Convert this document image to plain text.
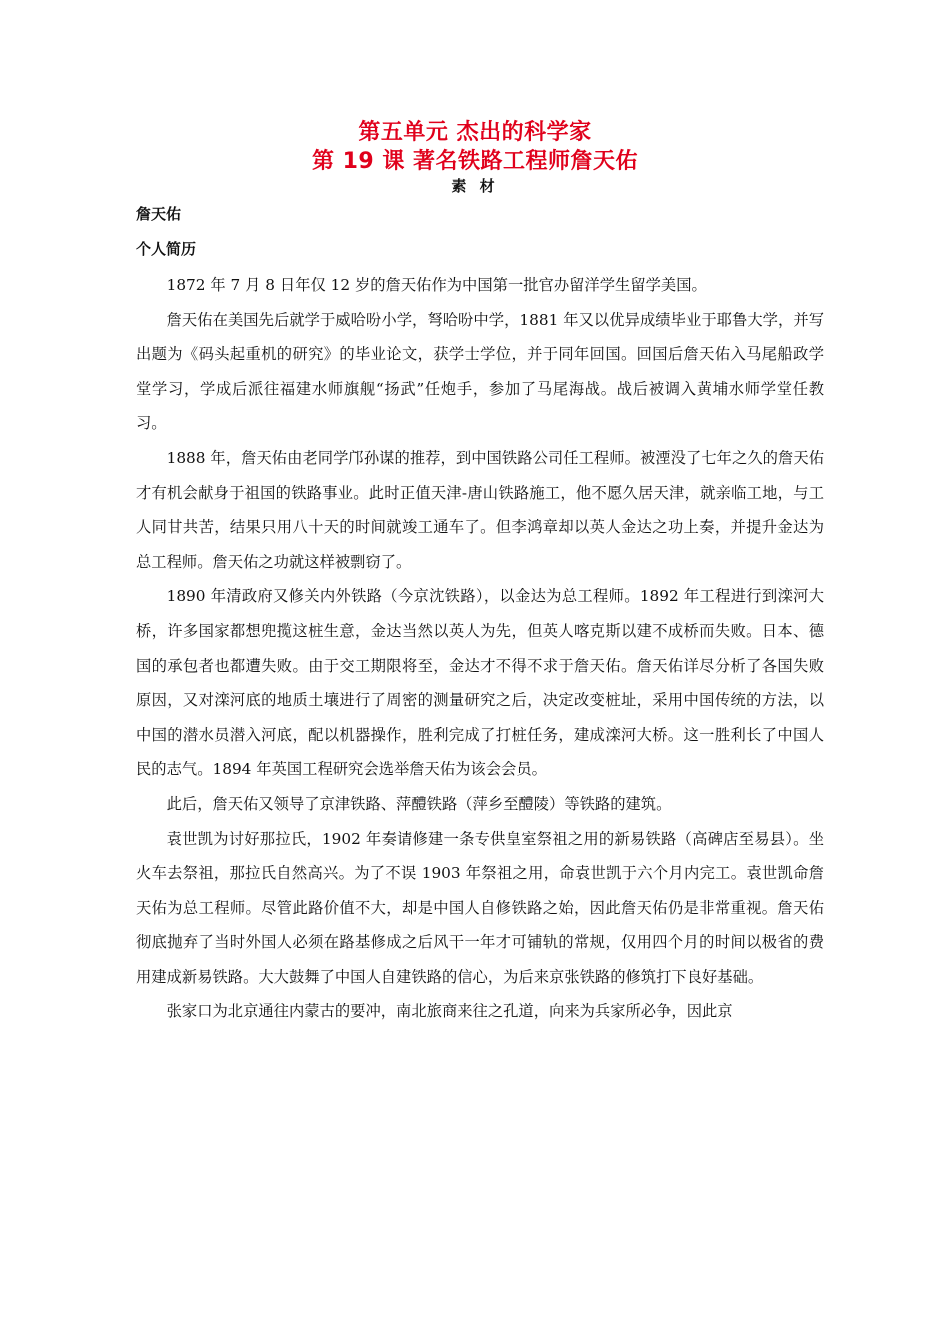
第五单元 杰出的科学家
第 19 课 著名铁路工程师詹天佑
素 材

詹天佑

个人简历

1872 年 7 月 8 日年仅 12 岁的詹天佑作为中国第一批官办留洋学生留学美国。

詹天佑在美国先后就学于威哈吩小学，弩哈吩中学，1881 年又以优异成绩毕业于耶鲁大学，并写出题为《码头起重机的研究》的毕业论文，获学士学位，并于同年回国。回国后詹天佑入马尾船政学堂学习，学成后派往福建水师旗舰“扬武”任炮手，参加了马尾海战。战后被调入黄埔水师学堂任教习。

1888 年，詹天佑由老同学邝孙谋的推荐，到中国铁路公司任工程师。被湮没了七年之久的詹天佑才有机会献身于祖国的铁路事业。此时正值天津-唐山铁路施工，他不愿久居天津，就亲临工地，与工人同甘共苦，结果只用八十天的时间就竣工通车了。但李鸿章却以英人金达之功上奏，并提升金达为总工程师。詹天佑之功就这样被剽窃了。

1890 年清政府又修关内外铁路（今京沈铁路），以金达为总工程师。1892 年工程进行到滦河大桥，许多国家都想兜揽这桩生意，金达当然以英人为先，但英人喀克斯以建不成桥而失败。日本、德国的承包者也都遭失败。由于交工期限将至，金达才不得不求于詹天佑。詹天佑详尽分析了各国失败原因，又对滦河底的地质土壤进行了周密的测量研究之后，决定改变桩址，采用中国传统的方法，以中国的潜水员潜入河底，配以机器操作，胜利完成了打桩任务，建成滦河大桥。这一胜利长了中国人民的志气。1894 年英国工程研究会选举詹天佑为该会会员。

此后，詹天佑又领导了京津铁路、萍醴铁路（萍乡至醴陵）等铁路的建筑。

袁世凯为讨好那拉氏，1902 年奏请修建一条专供皇室祭祖之用的新易铁路（高碑店至易县）。坐火车去祭祖，那拉氏自然高兴。为了不误 1903 年祭祖之用，命袁世凯于六个月内完工。袁世凯命詹天佑为总工程师。尽管此路价值不大，却是中国人自修铁路之始，因此詹天佑仍是非常重视。詹天佑彻底抛弃了当时外国人必须在路基修成之后风干一年才可铺轨的常规，仅用四个月的时间以极省的费用建成新易铁路。大大鼓舞了中国人自建铁路的信心，为后来京张铁路的修筑打下良好基础。

张家口为北京通往内蒙古的要冲，南北旅商来往之孔道，向来为兵家所必争，因此京
